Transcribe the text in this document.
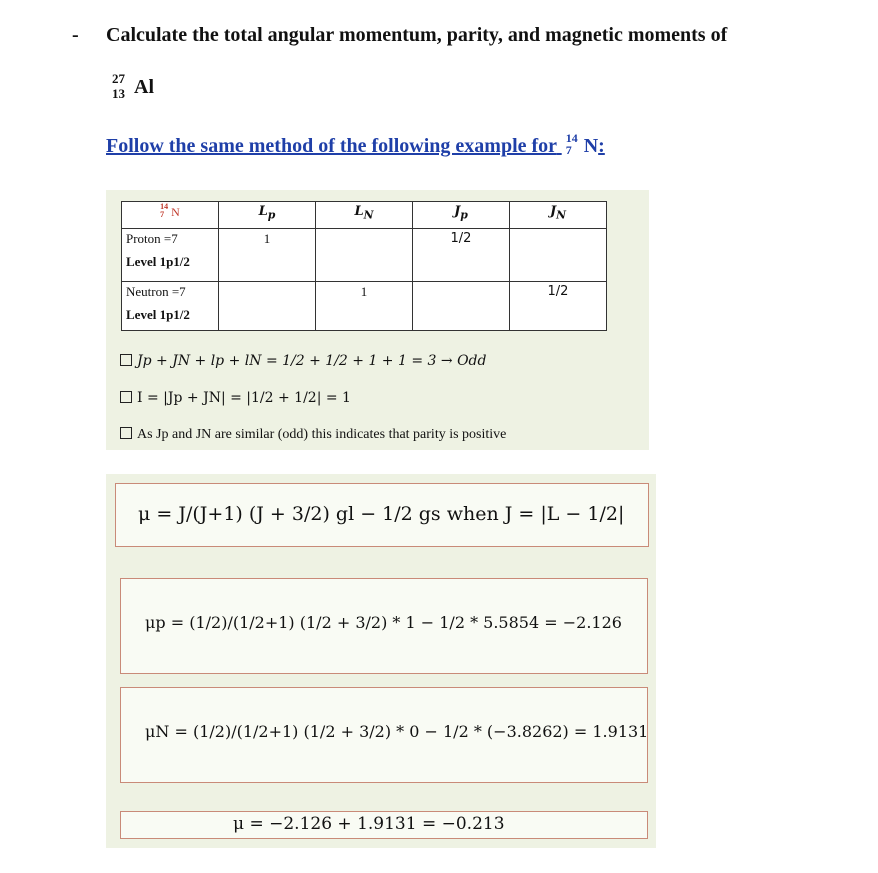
- Calculate the total angular momentum, parity, and magnetic moments of
27
13 Al
Follow the same method of the following example for 14
7 N:
14
7 N	$L_p$	$L_N$	$J_p$	$J_N$

Proton =7
Level 1p1/2	1		1/2	

Neutron =7
Level 1p1/2		1		1/2
Jp + JN + lp + lN = 1/2 + 1/2 + 1 + 1 = 3 → Odd
I = |Jp + JN| = |1/2 + 1/2| = 1
As Jp and JN are similar (odd) this indicates that parity is positive
μ = J/(J+1) (J + 3/2) gl − 1/2 gs when J = |L − 1/2|
μp = (1/2)/(1/2+1) (1/2 + 3/2) * 1 − 1/2 * 5.5854 = −2.126
μN = (1/2)/(1/2+1) (1/2 + 3/2) * 0 − 1/2 * (−3.8262) = 1.9131
μ = −2.126 + 1.9131 = −0.213
